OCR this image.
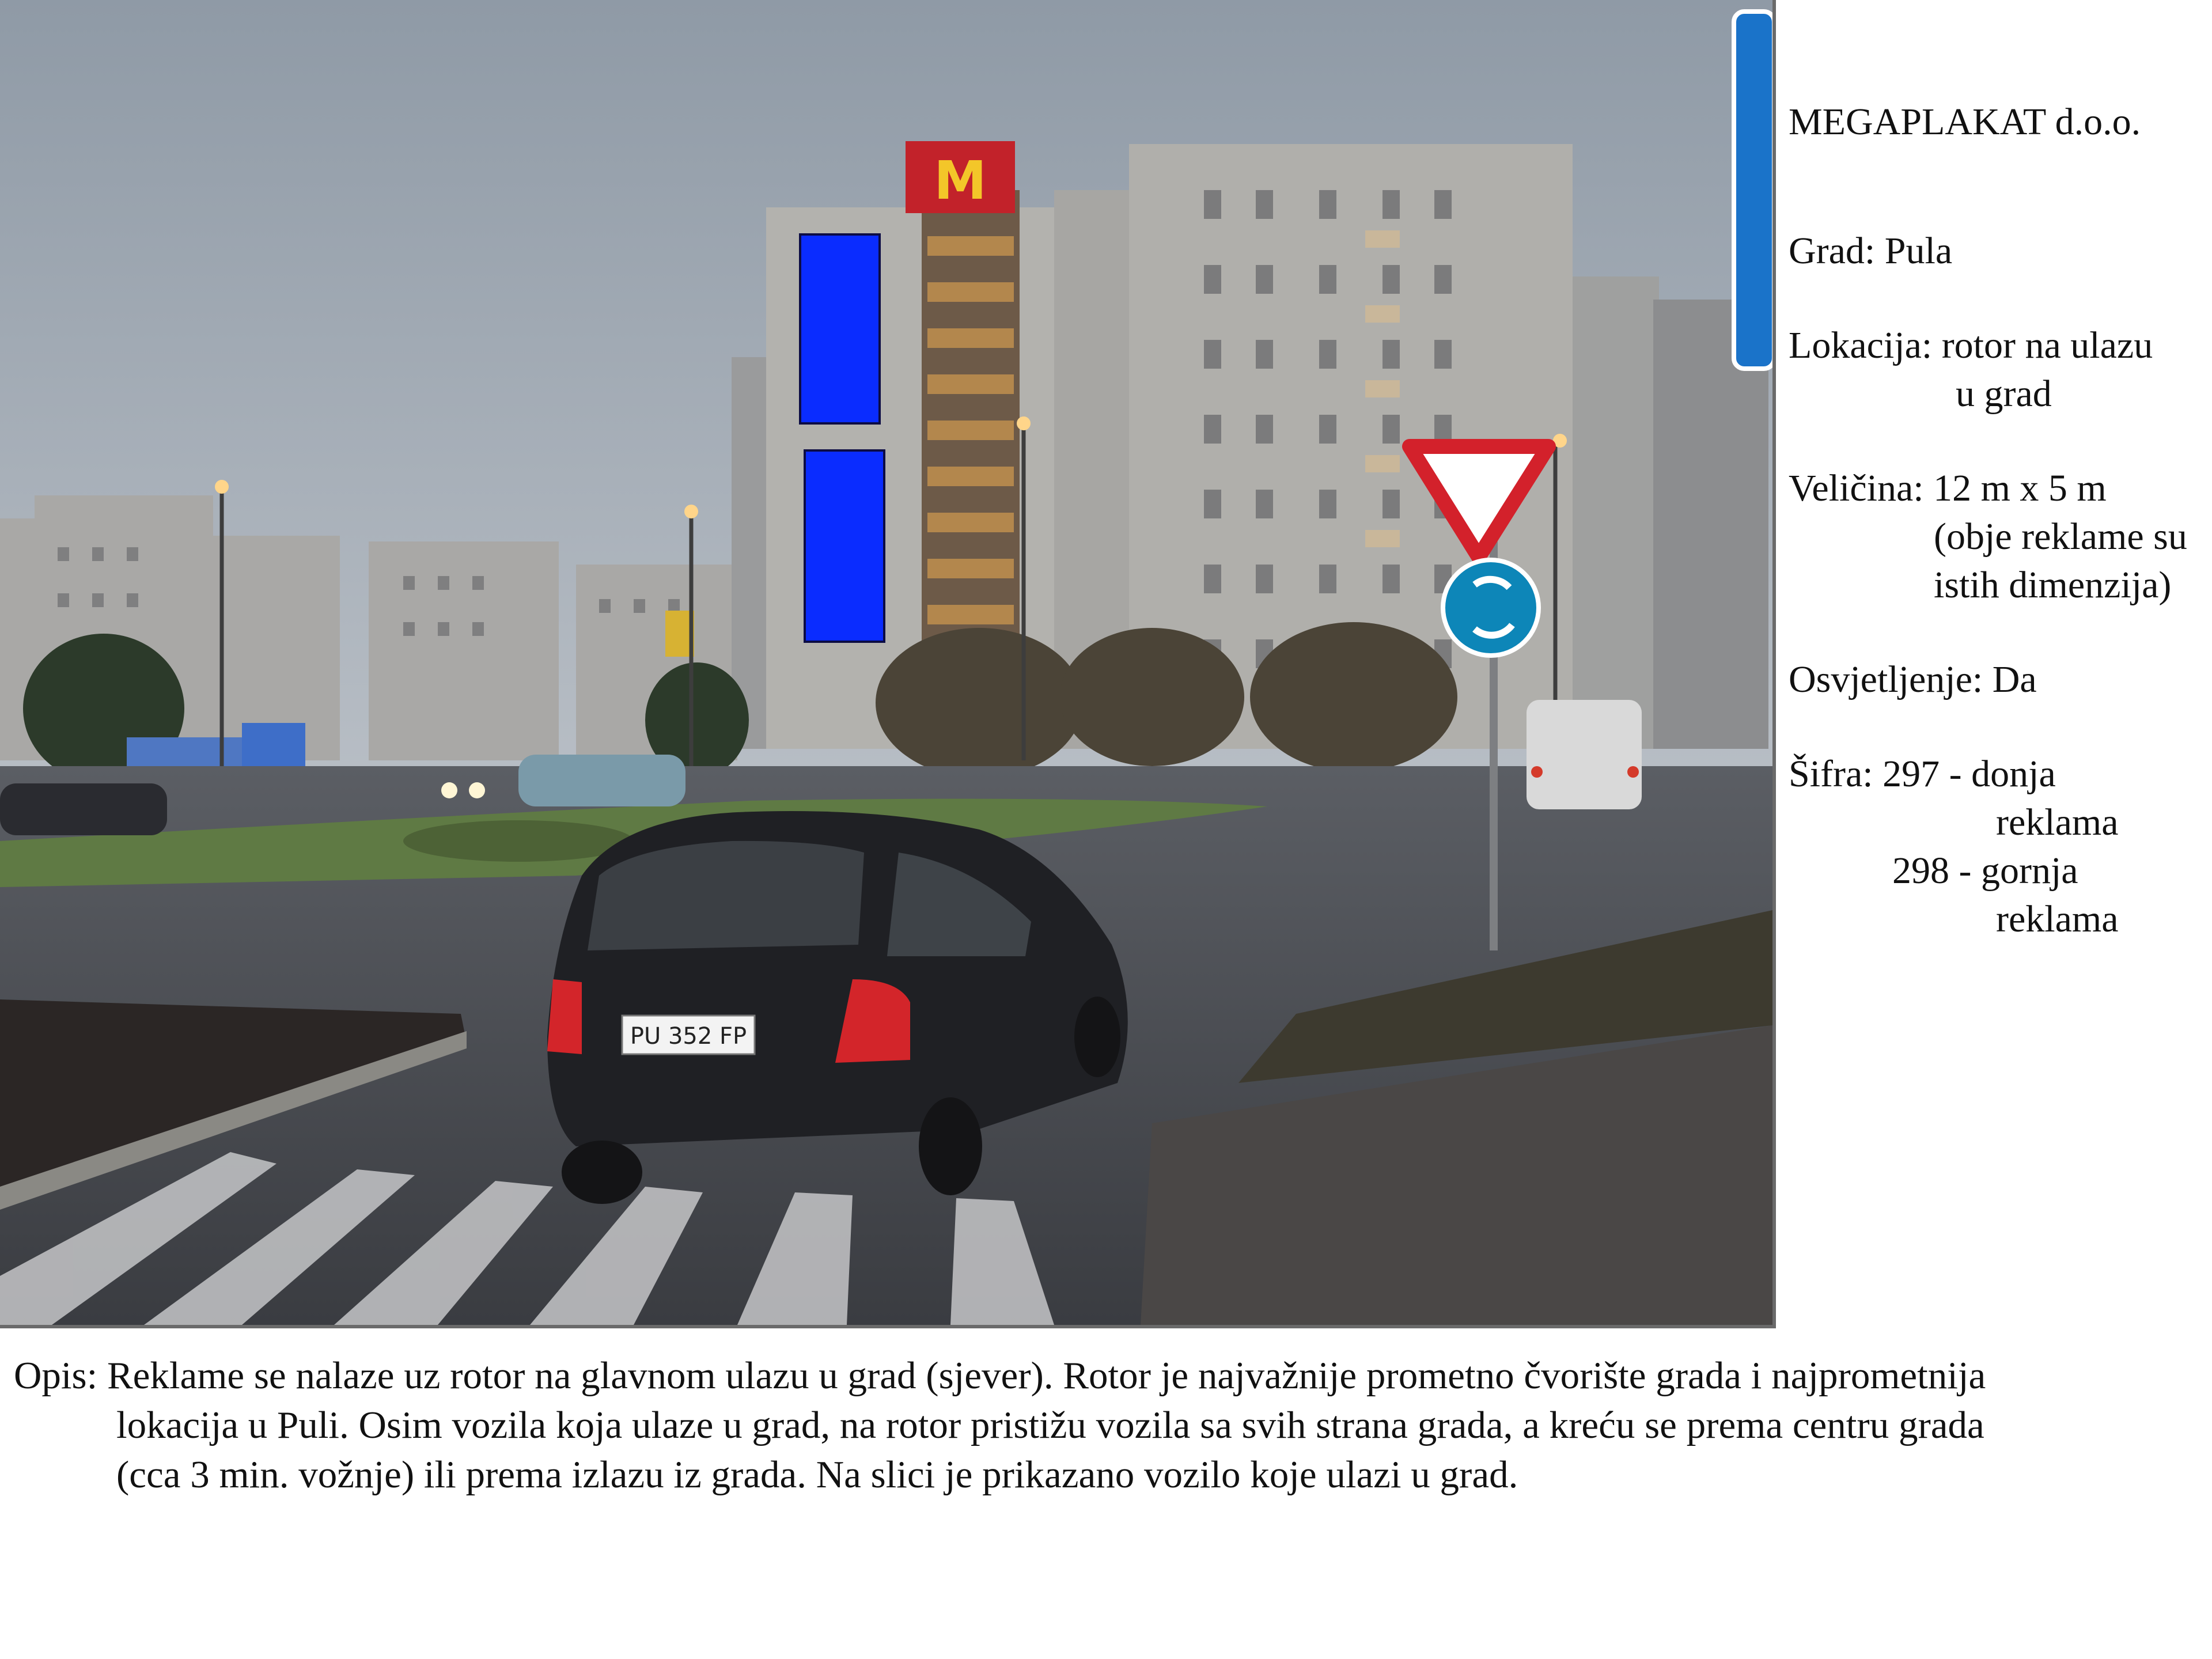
M
PU 352 FP

MEGAPLAKAT d.o.o.

Grad: Pula

Lokacija: rotor na ulazu
u grad
Veličina: 12 m x 5 m
(obje reklame su
istih dimenzija)

Osvjetljenje: Da

Šifra: 297 - donja
reklama
298 - gornja
reklama
Opis: Reklame se nalaze uz rotor na glavnom ulazu u grad (sjever). Rotor je najvažnije prometno čvorište grada i najprometnija
lokacija u Puli. Osim vozila koja ulaze u grad, na rotor pristižu vozila sa svih strana grada, a kreću se prema centru grada
(cca 3 min. vožnje) ili prema izlazu iz grada. Na slici je prikazano vozilo koje ulazi u grad.
